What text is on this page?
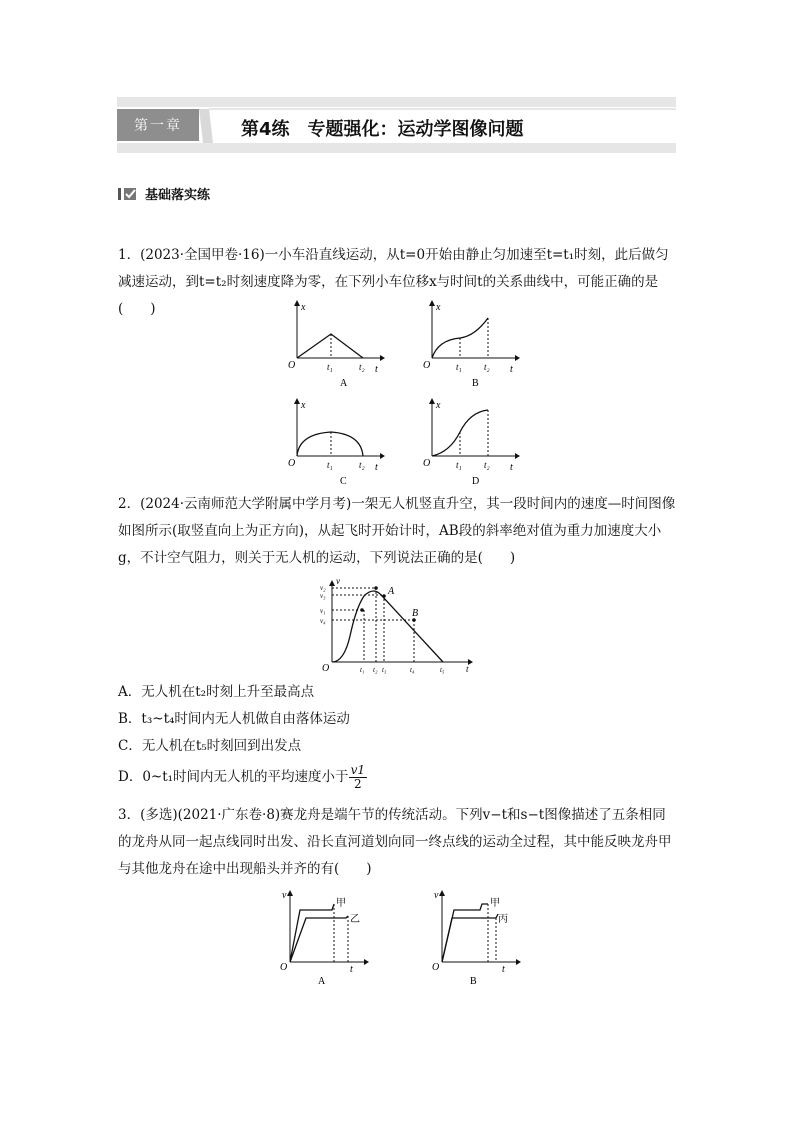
第一章	第4练　专题强化：运动学图像问题
基础落实练
1．(2023·全国甲卷·16)一小车沿直线运动，从t=0开始由静止匀加速至t=t₁时刻，此后做匀减速运动，到t=t₂时刻速度降为零，在下列小车位移x与时间t的关系曲线中，可能正确的是(　　)	x
t
O	t₁	t₂
A
x
t
O	t₁ t₂
B
x
t
O	t₁	t₂
C
x
t
O	t₁ t₂
D
2．(2024·云南师范大学附属中学月考)一架无人机竖直升空，其一段时间内的速度—时间图像如图所示(取竖直向上为正方向)，从起飞时开始计时，AB段的斜率绝对值为重力加速度大小g，不计空气阻力，则关于无人机的运动，下列说法正确的是(　　)
v
t
O
A
B
v₂
v₃
v₁
v₄
t₁ t₂ t₃	t₄	t₅
A．无人机在t₂时刻上升至最高点
B．t₃~t₄时间内无人机做自由落体运动
C．无人机在t₅时刻回到出发点
D．0~t₁时间内无人机的平均速度小于 $\frac{v1}{2}$
3．(多选)(2021·广东卷·8)赛龙舟是端午节的传统活动。下列v−t和s−t图像描述了五条相同的龙舟从同一起点线同时出发、沿长直河道划向同一终点线的运动全过程，其中能反映龙舟甲与其他龙舟在途中出现船头并齐的有(　　)
v
t
O
甲
乙
A
v
t
O
甲
丙
B
